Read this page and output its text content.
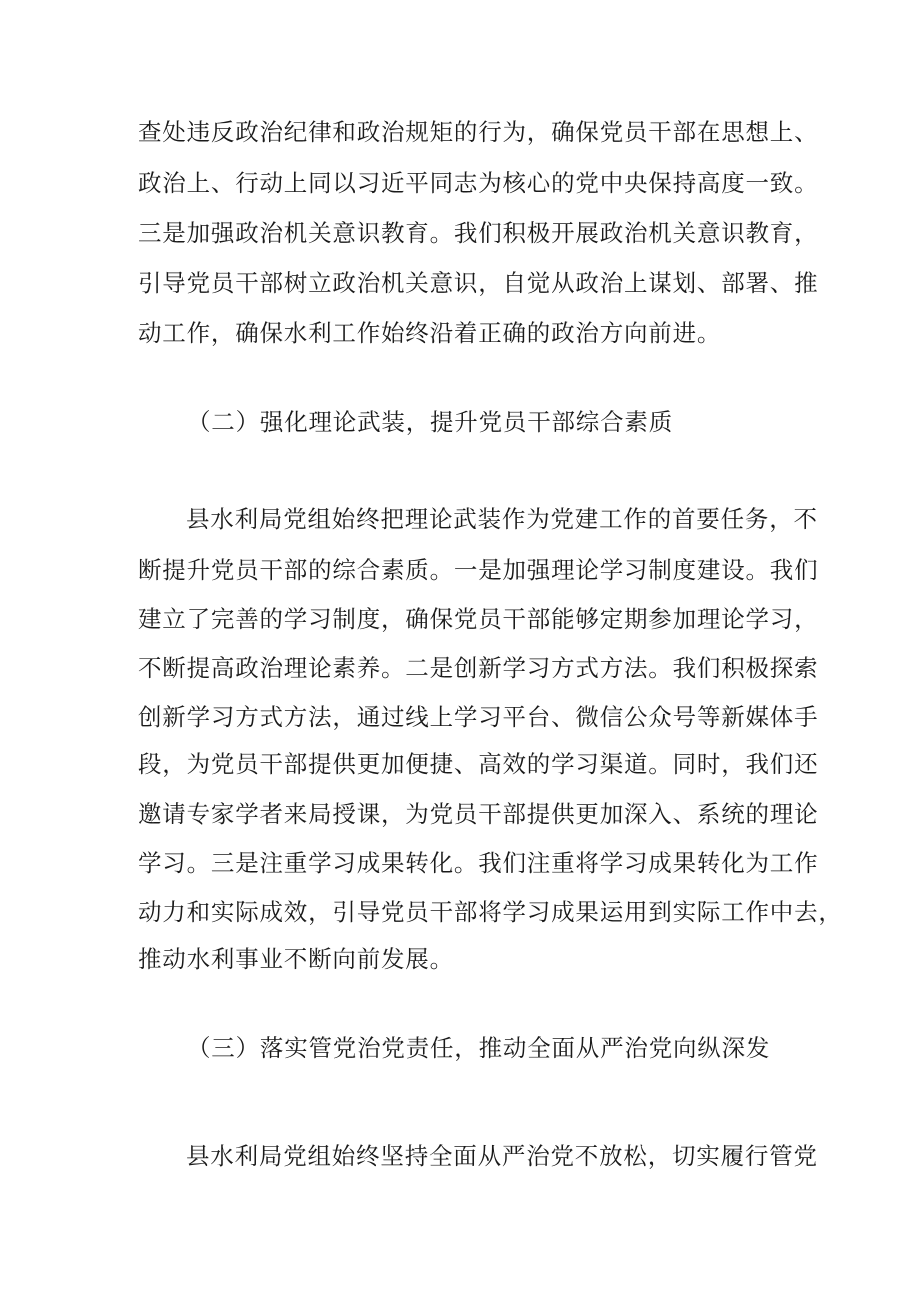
查处违反政治纪律和政治规矩的行为，确保党员干部在思想上、
政治上、行动上同以习近平同志为核心的党中央保持高度一致。
三是加强政治机关意识教育。我们积极开展政治机关意识教育，
引导党员干部树立政治机关意识，自觉从政治上谋划、部署、推
动工作，确保水利工作始终沿着正确的政治方向前进。
（二）强化理论武装，提升党员干部综合素质
县水利局党组始终把理论武装作为党建工作的首要任务，不
断提升党员干部的综合素质。一是加强理论学习制度建设。我们
建立了完善的学习制度，确保党员干部能够定期参加理论学习，
不断提高政治理论素养。二是创新学习方式方法。我们积极探索
创新学习方式方法，通过线上学习平台、微信公众号等新媒体手
段，为党员干部提供更加便捷、高效的学习渠道。同时，我们还
邀请专家学者来局授课，为党员干部提供更加深入、系统的理论
学习。三是注重学习成果转化。我们注重将学习成果转化为工作
动力和实际成效，引导党员干部将学习成果运用到实际工作中去，
推动水利事业不断向前发展。
（三）落实管党治党责任，推动全面从严治党向纵深发
县水利局党组始终坚持全面从严治党不放松，切实履行管党
